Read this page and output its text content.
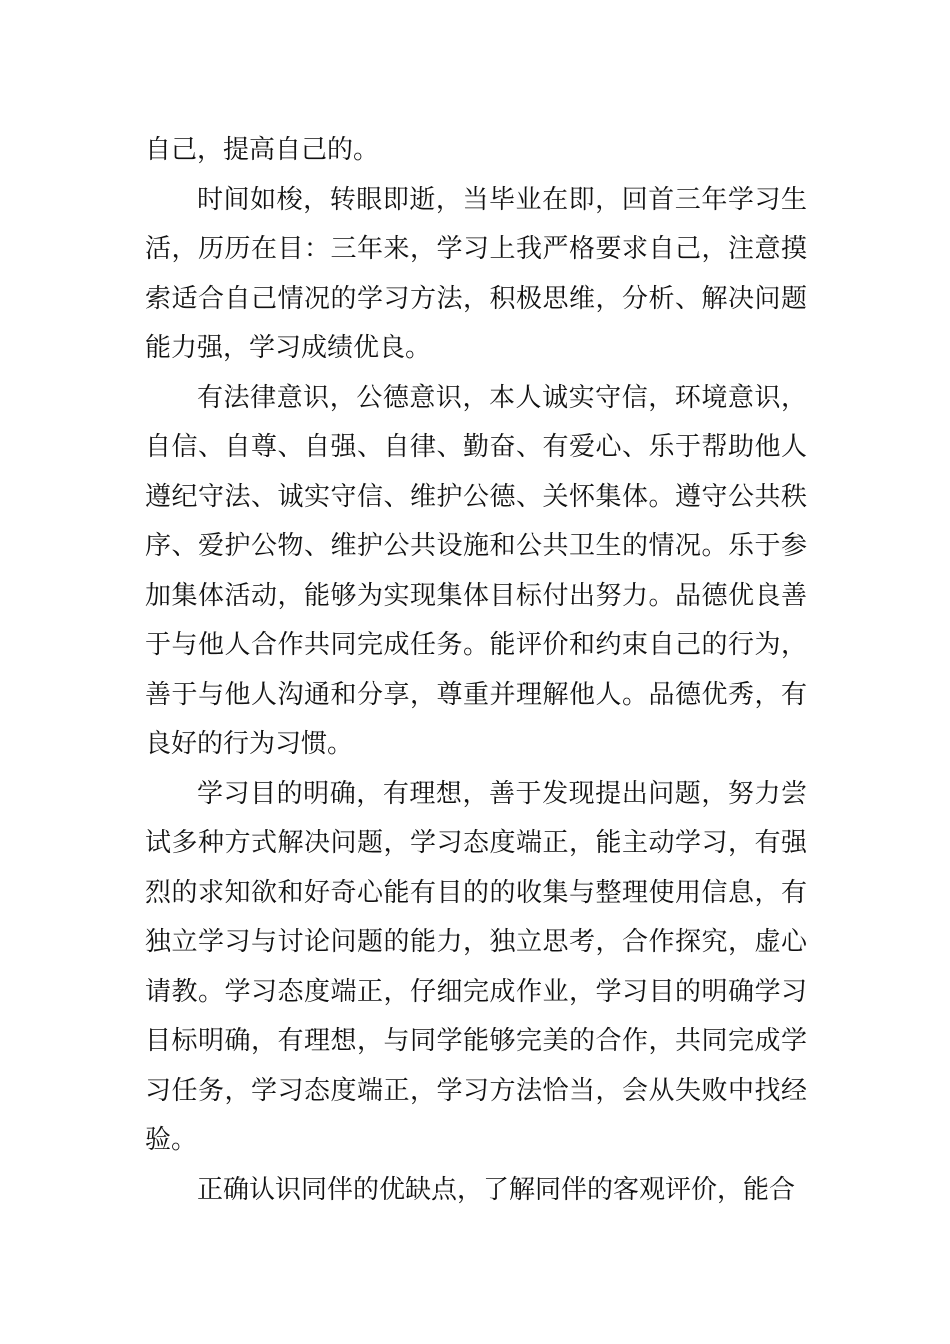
自己，提高自己的。

时间如梭，转眼即逝，当毕业在即，回首三年学习生活，历历在目：三年来，学习上我严格要求自己，注意摸索适合自己情况的学习方法，积极思维，分析、解决问题能力强，学习成绩优良。

有法律意识，公德意识，本人诚实守信，环境意识，自信、自尊、自强、自律、勤奋、有爱心、乐于帮助他人遵纪守法、诚实守信、维护公德、关怀集体。遵守公共秩序、爱护公物、维护公共设施和公共卫生的情况。乐于参加集体活动，能够为实现集体目标付出努力。品德优良善于与他人合作共同完成任务。能评价和约束自己的行为，善于与他人沟通和分享，尊重并理解他人。品德优秀，有良好的行为习惯。

学习目的明确，有理想，善于发现提出问题，努力尝试多种方式解决问题，学习态度端正，能主动学习，有强烈的求知欲和好奇心能有目的的收集与整理使用信息，有独立学习与讨论问题的能力，独立思考，合作探究，虚心请教。学习态度端正，仔细完成作业，学习目的明确学习目标明确，有理想，与同学能够完美的合作，共同完成学习任务，学习态度端正，学习方法恰当，会从失败中找经验。

正确认识同伴的优缺点，了解同伴的客观评价，能合
